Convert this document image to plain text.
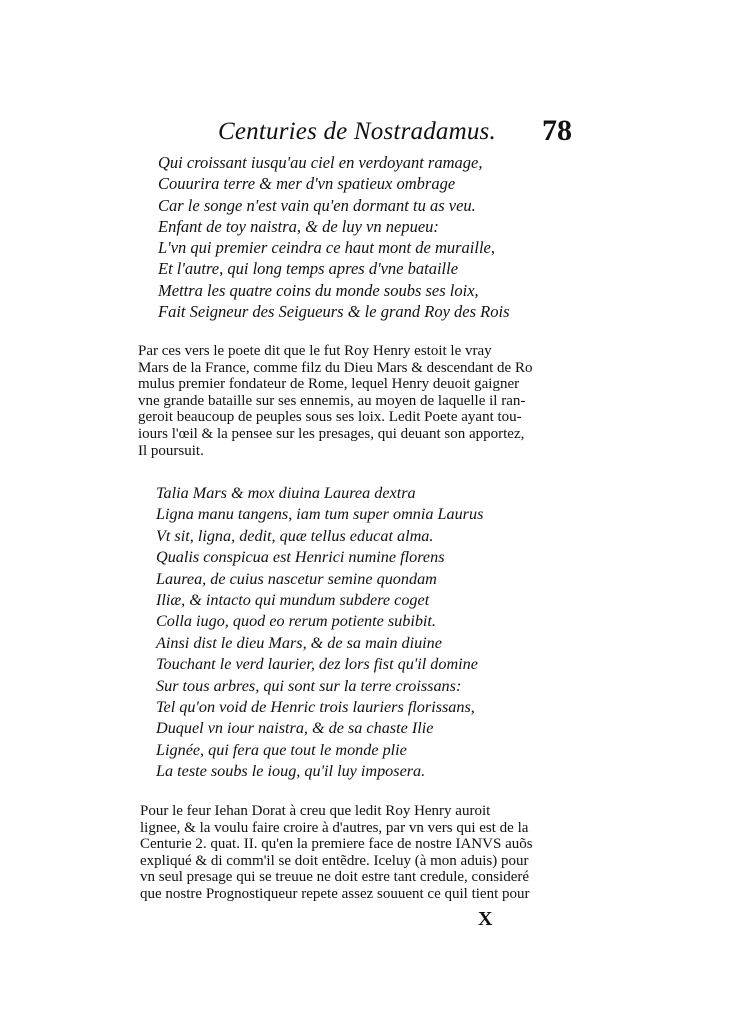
Centuries de Nostradamus. 78
Qui croissant iusqu'au ciel en verdoyant ramage,
Couurira terre & mer d'vn spatieux ombrage
Car le songe n'est vain qu'en dormant tu as veu.
Enfant de toy naistra, & de luy vn nepueu:
L'vn qui premier ceindra ce haut mont de muraille,
Et l'autre, qui long temps apres d'vne bataille
Mettra les quatre coins du monde soubs ses loix,
Fait Seigneur des Seigueurs & le grand Roy des Rois
Par ces vers le poete dit que le fut Roy Henry estoit le vray
Mars de la France, comme filz du Dieu Mars & descendant de Ro
mulus premier fondateur de Rome, lequel Henry deuoit gaigner
vne grande bataille sur ses ennemis, au moyen de laquelle il ran-
geroit beaucoup de peuples sous ses loix. Ledit Poete ayant tou-
iours l'œil & la pensee sur les presages, qui deuant son apportez,
Il poursuit.
Talia Mars & mox diuina Laurea dextra
Ligna manu tangens, iam tum super omnia Laurus
Vt sit, ligna, dedit, quæ tellus educat alma.
Qualis conspicua est Henrici numine florens
Laurea, de cuius nascetur semine quondam
Iliæ, & intacto qui mundum subdere coget
Colla iugo, quod eo rerum potiente subibit.
Ainsi dist le dieu Mars, & de sa main diuine
Touchant le verd laurier, dez lors fist qu'il domine
Sur tous arbres, qui sont sur la terre croissans:
Tel qu'on void de Henric trois lauriers florissans,
Duquel vn iour naistra, & de sa chaste Ilie
Lignée, qui fera que tout le monde plie
La teste soubs le ioug, qu'il luy imposera.
Pour le feur Iehan Dorat à creu que ledit Roy Henry auroit
lignee, & la voulu faire croire à d'autres, par vn vers qui est de la
Centurie 2. quat. II. qu'en la premiere face de nostre IANVS auõs
expliqué & di comm'il se doit entẽdre. Iceluy (à mon aduis) pour
vn seul presage qui se treuue ne doit estre tant credule, consideré
que nostre Prognostiqueur repete assez souuent ce quil tient pour
X
